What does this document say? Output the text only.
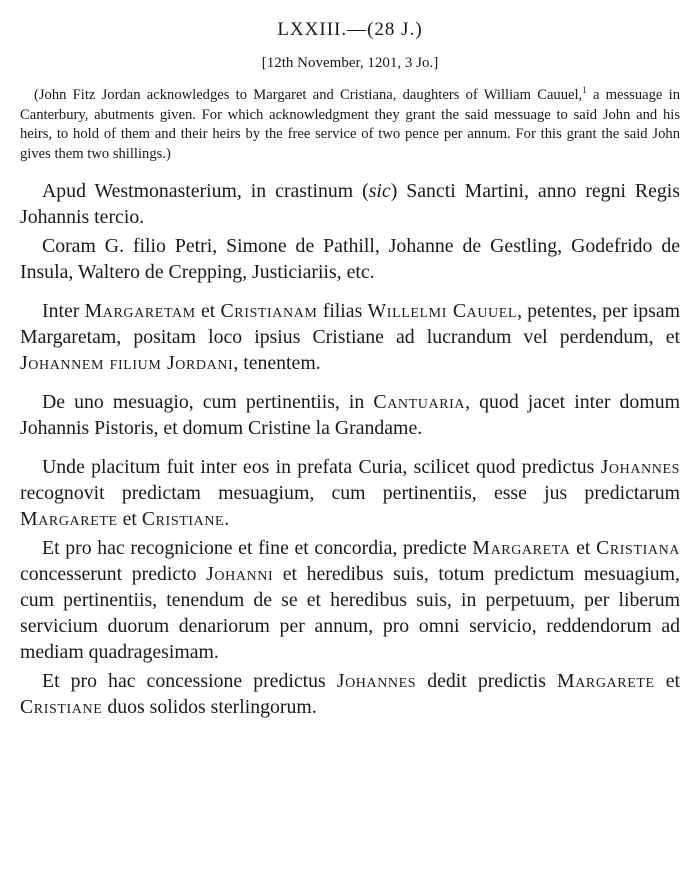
LXXIII.—(28 J.)
[12th November, 1201, 3 Jo.]

(John Fitz Jordan acknowledges to Margaret and Cristiana, daughters of William Cauuel,$^1$ a messuage in Canterbury, abutments given. For which acknowledgment they grant the said messuage to said John and his heirs, to hold of them and their heirs by the free service of two pence per annum. For this grant the said John gives them two shillings.)

Apud Westmonasterium, in crastinum (sic) Sancti Martini, anno regni Regis Johannis tercio.

Coram G. filio Petri, Simone de Pathill, Johanne de Gestling, Godefrido de Insula, Waltero de Crepping, Justiciariis, etc.

Inter Margaretam et Cristianam filias Willelmi Cauuel, petentes, per ipsam Margaretam, positam loco ipsius Cristiane ad lucrandum vel perdendum, et Johannem filium Jordani, tenentem.

De uno mesuagio, cum pertinentiis, in Cantuaria, quod jacet inter domum Johannis Pistoris, et domum Cristine la Grandame.

Unde placitum fuit inter eos in prefata Curia, scilicet quod predictus Johannes recognovit predictam mesuagium, cum pertinentiis, esse jus predictarum Margarete et Cristiane.

Et pro hac recognicione et fine et concordia, predicte Margareta et Cristiana concesserunt predicto Johanni et heredibus suis, totum predictum mesuagium, cum pertinentiis, tenendum de se et heredibus suis, in perpetuum, per liberum servicium duorum denariorum per annum, pro omni servicio, reddendorum ad mediam quadragesimam.

Et pro hac concessione predictus Johannes dedit predictis Margarete et Cristiane duos solidos sterlingorum.
